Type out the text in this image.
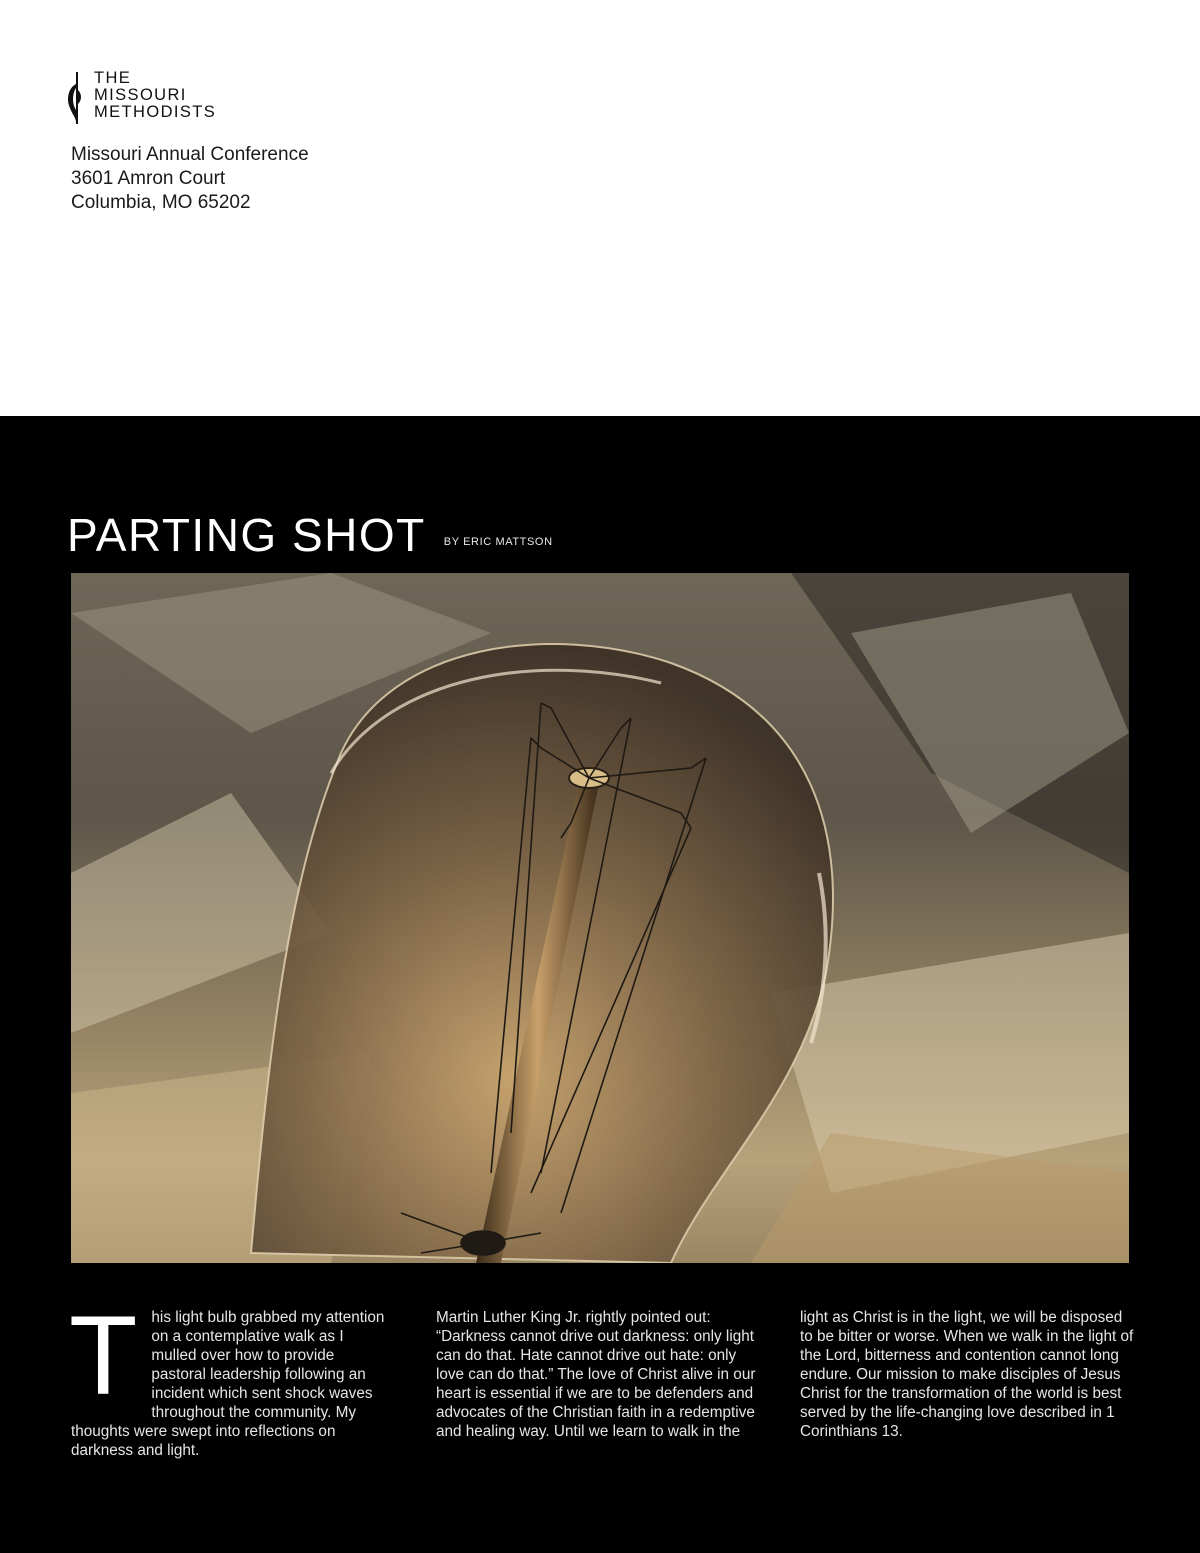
THE
MISSOURI
METHODISTS
Missouri Annual Conference
3601 Amron Court
Columbia, MO 65202
PARTING SHOT BY ERIC MATTSON
T his light bulb grabbed my attention on a contemplative walk as I mulled over how to provide pastoral leadership following an incident which sent shock waves throughout the community. My thoughts were swept into reflections on darkness and light.

Martin Luther King Jr. rightly pointed out: “Darkness cannot drive out darkness: only light can do that. Hate cannot drive out hate: only love can do that.” The love of Christ alive in our heart is essential if we are to be defenders and advocates of the Christian faith in a redemptive and healing way. Until we learn to walk in the

light as Christ is in the light, we will be disposed to be bitter or worse. When we walk in the light of the Lord, bitterness and contention cannot long endure. Our mission to make disciples of Jesus Christ for the transformation of the world is best served by the life-changing love described in 1 Corinthians 13.
